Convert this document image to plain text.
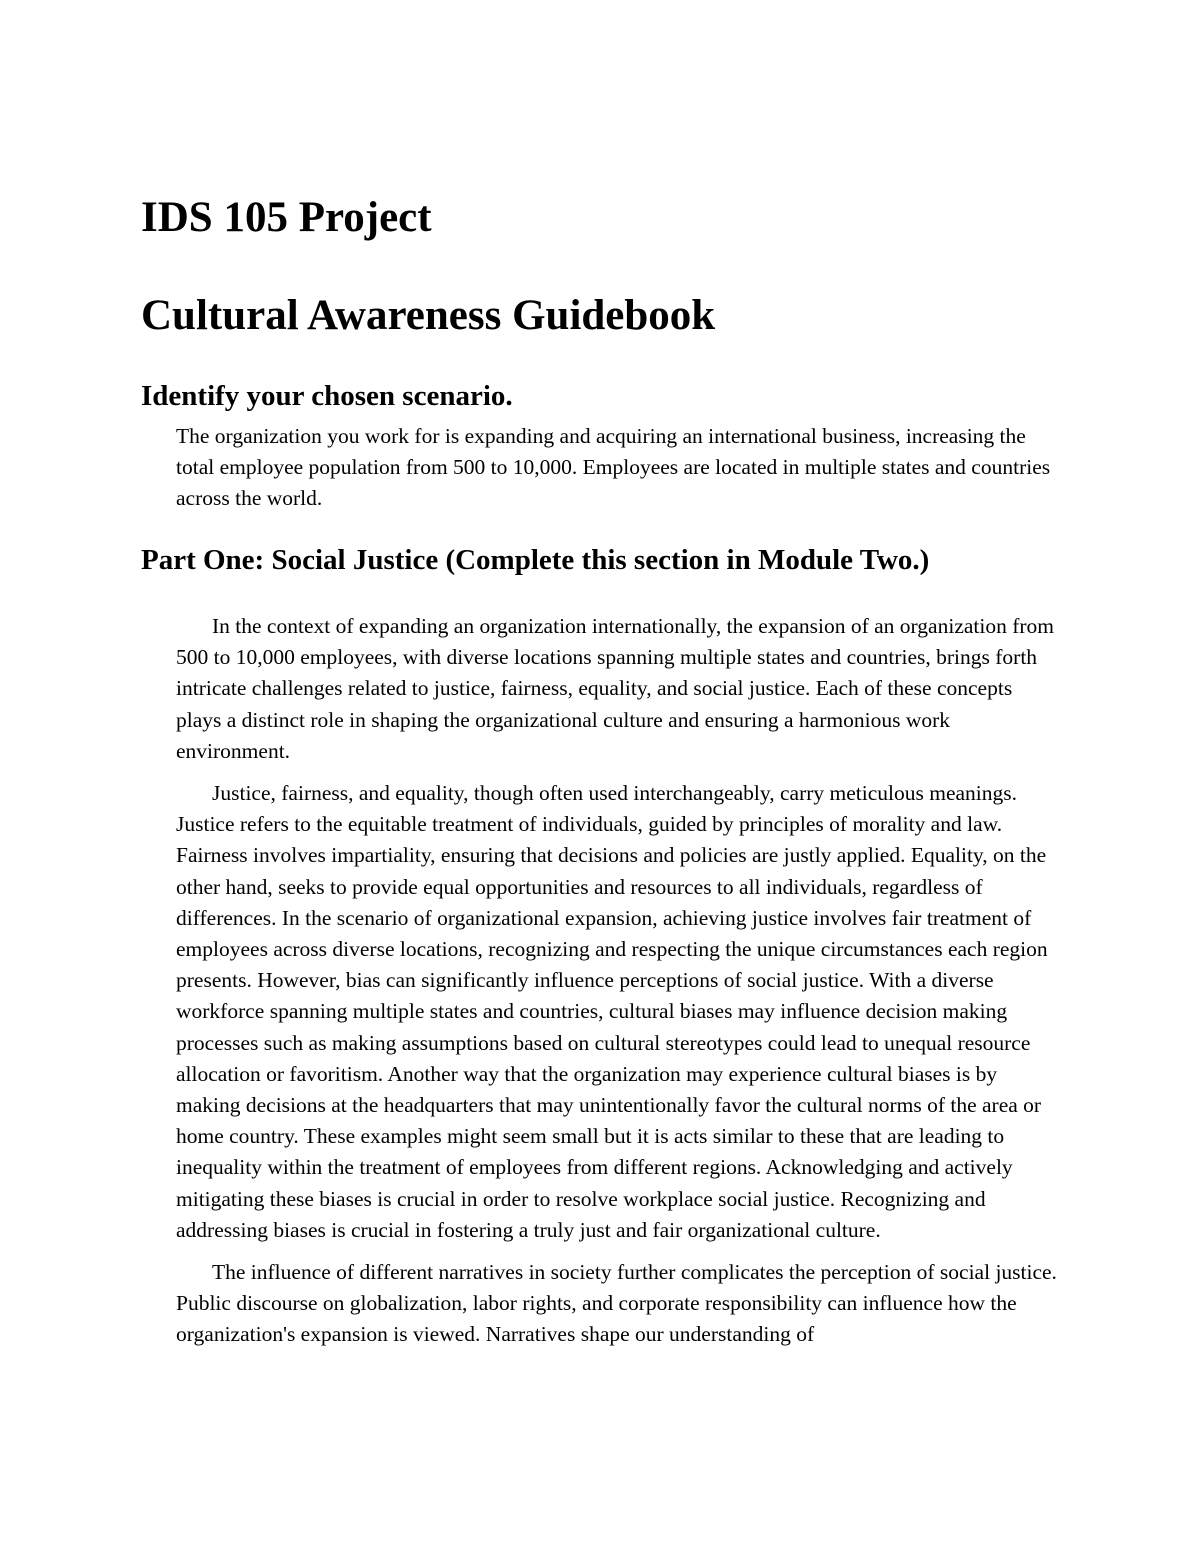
IDS 105 Project
Cultural Awareness Guidebook
Identify your chosen scenario.

The organization you work for is expanding and acquiring an international business, increasing the total employee population from 500 to 10,000. Employees are located in multiple states and countries across the world.

Part One: Social Justice (Complete this section in Module Two.)

In the context of expanding an organization internationally, the expansion of an organization from 500 to 10,000 employees, with diverse locations spanning multiple states and countries, brings forth intricate challenges related to justice, fairness, equality, and social justice. Each of these concepts plays a distinct role in shaping the organizational culture and ensuring a harmonious work environment.

Justice, fairness, and equality, though often used interchangeably, carry meticulous meanings. Justice refers to the equitable treatment of individuals, guided by principles of morality and law. Fairness involves impartiality, ensuring that decisions and policies are justly applied. Equality, on the other hand, seeks to provide equal opportunities and resources to all individuals, regardless of differences. In the scenario of organizational expansion, achieving justice involves fair treatment of employees across diverse locations, recognizing and respecting the unique circumstances each region presents. However, bias can significantly influence perceptions of social justice. With a diverse workforce spanning multiple states and countries, cultural biases may influence decision making processes such as making assumptions based on cultural stereotypes could lead to unequal resource allocation or favoritism. Another way that the organization may experience cultural biases is by making decisions at the headquarters that may unintentionally favor the cultural norms of the area or home country. These examples might seem small but it is acts similar to these that are leading to inequality within the treatment of employees from different regions. Acknowledging and actively mitigating these biases is crucial in order to resolve workplace social justice. Recognizing and addressing biases is crucial in fostering a truly just and fair organizational culture.

The influence of different narratives in society further complicates the perception of social justice. Public discourse on globalization, labor rights, and corporate responsibility can influence how the organization's expansion is viewed. Narratives shape our understanding of
